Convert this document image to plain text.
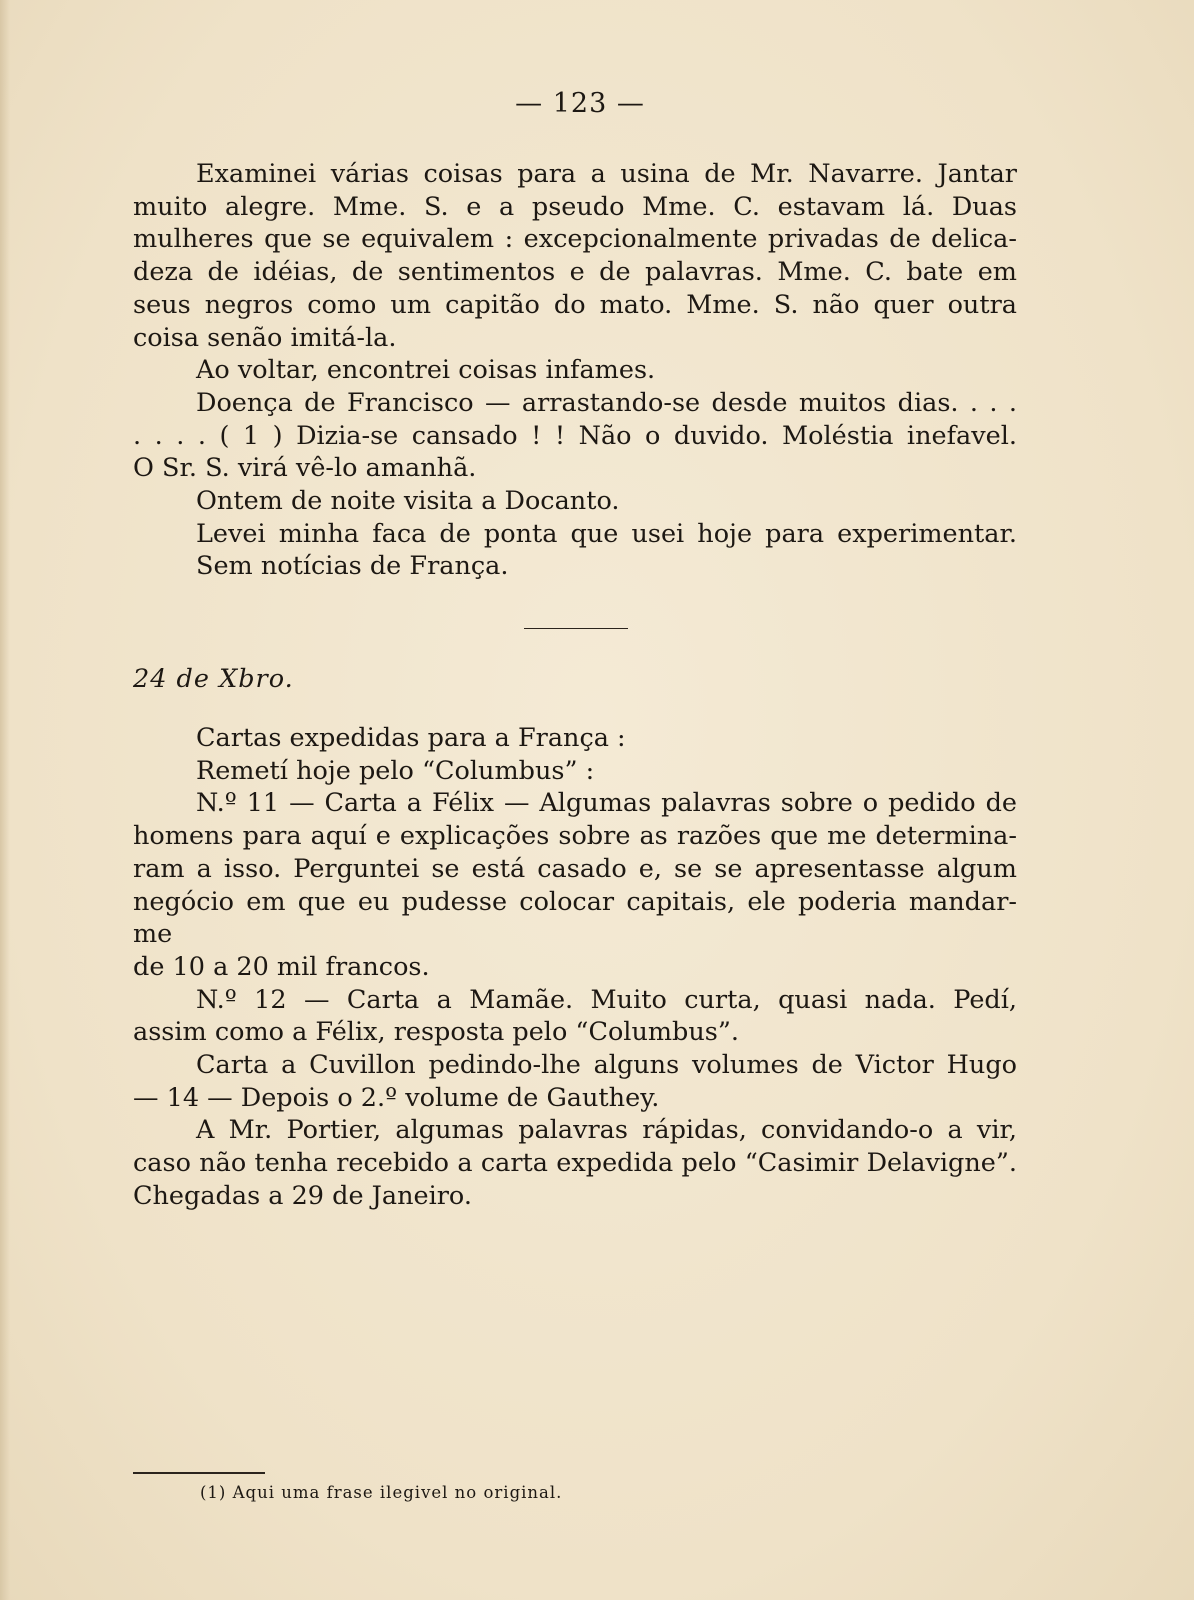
— 123 —
Examinei várias coisas para a usina de Mr. Navarre. Jantar
muito alegre. Mme. S. e a pseudo Mme. C. estavam lá. Duas
mulheres que se equivalem : excepcionalmente privadas de delica-
deza de idéias, de sentimentos e de palavras. Mme. C. bate em
seus negros como um capitão do mato. Mme. S. não quer outra
coisa senão imitá-la.
Ao voltar, encontrei coisas infames.
Doença de Francisco — arrastando-se desde muitos dias. . . .
. . . . ( 1 ) Dizia-se cansado ! ! Não o duvido. Moléstia inefavel.
O Sr. S. virá vê-lo amanhã.
Ontem de noite visita a Docanto.
Levei minha faca de ponta que usei hoje para experimentar.
Sem notícias de França.
24 de Xbro.
Cartas expedidas para a França :
Remetí hoje pelo “Columbus” :
N.º 11 — Carta a Félix — Algumas palavras sobre o pedido de
homens para aquí e explicações sobre as razões que me determina-
ram a isso. Perguntei se está casado e, se se apresentasse algum
negócio em que eu pudesse colocar capitais, ele poderia mandar-me
de 10 a 20 mil francos.
N.º 12 — Carta a Mamãe. Muito curta, quasi nada. Pedí,
assim como a Félix, resposta pelo “Columbus”.
Carta a Cuvillon pedindo-lhe alguns volumes de Victor Hugo
— 14 — Depois o 2.º volume de Gauthey.
A Mr. Portier, algumas palavras rápidas, convidando-o a vir,
caso não tenha recebido a carta expedida pelo “Casimir Delavigne”.
Chegadas a 29 de Janeiro.
(1) Aqui uma frase ilegivel no original.
